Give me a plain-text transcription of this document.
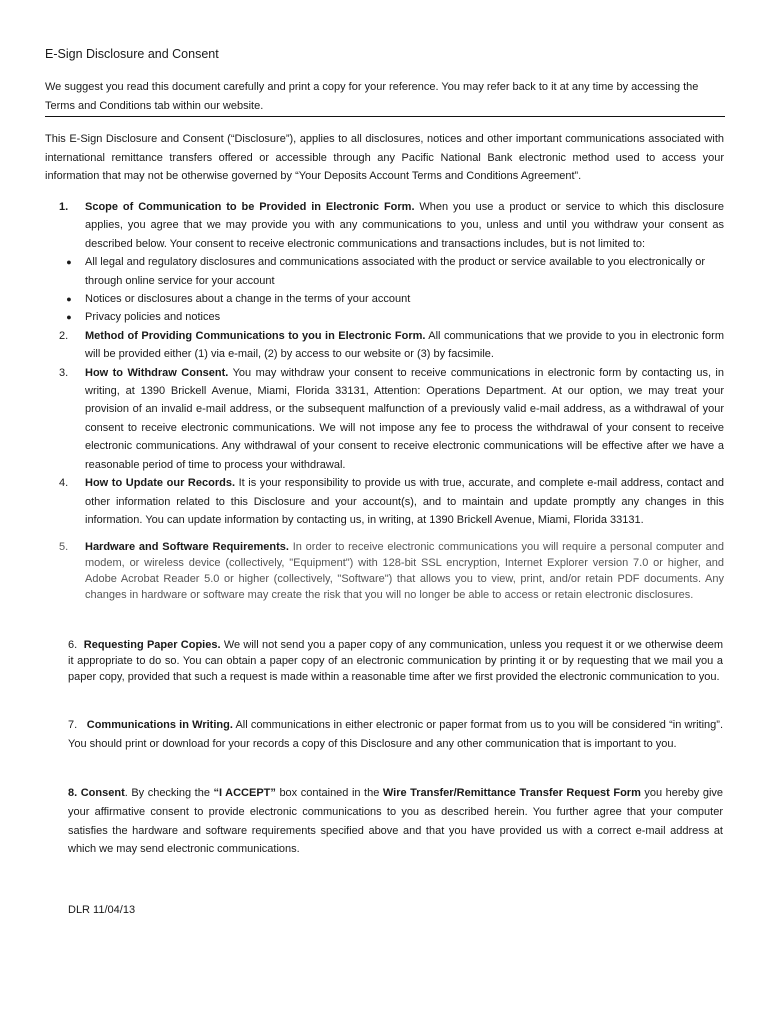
E-Sign Disclosure and Consent
We suggest you read this document carefully and print a copy for your reference. You may refer back to it at any time by accessing the Terms and Conditions tab within our website.
This E-Sign Disclosure and Consent (“Disclosure”), applies to all disclosures, notices and other important communications associated with international remittance transfers offered or accessible through any Pacific National Bank electronic method used to access your information that may not be otherwise governed by “Your Deposits Account Terms and Conditions Agreement”.
1.	Scope of Communication to be Provided in Electronic Form. When you use a product or service to which this disclosure applies, you agree that we may provide you with any communications to you, unless and until you withdraw your consent as described below. Your consent to receive electronic communications and transactions includes, but is not limited to:
●
All legal and regulatory disclosures and communications associated with the product or service available to you electronically or through online service for your account
●
Notices or disclosures about a change in the terms of your account
●
Privacy policies and notices
2.	Method of Providing Communications to you in Electronic Form. All communications that we provide to you in electronic form will be provided either (1) via e-mail, (2) by access to our website or (3) by facsimile.
3.	How to Withdraw Consent. You may withdraw your consent to receive communications in electronic form by contacting us, in writing, at 1390 Brickell Avenue, Miami, Florida 33131, Attention: Operations Department. At our option, we may treat your provision of an invalid e-mail address, or the subsequent malfunction of a previously valid e-mail address, as a withdrawal of your consent to receive electronic communications. We will not impose any fee to process the withdrawal of your consent to receive electronic communications. Any withdrawal of your consent to receive electronic communications will be effective after we have a reasonable period of time to process your withdrawal.
4.	How to Update our Records. It is your responsibility to provide us with true, accurate, and complete e-mail address, contact and other information related to this Disclosure and your account(s), and to maintain and update promptly any changes in this information. You can update information by contacting us, in writing, at 1390 Brickell Avenue, Miami, Florida 33131.
5.	Hardware and Software Requirements. In order to receive electronic communications you will require a personal computer and modem, or wireless device (collectively, "Equipment") with 128-bit SSL encryption, Internet Explorer version 7.0 or higher, and Adobe Acrobat Reader 5.0 or higher (collectively, "Software") that allows you to view, print, and/or retain PDF documents. Any changes in hardware or software may create the risk that you will no longer be able to access or retain electronic disclosures.
6. Requesting Paper Copies. We will not send you a paper copy of any communication, unless you request it or we otherwise deem it appropriate to do so. You can obtain a paper copy of an electronic communication by printing it or by requesting that we mail you a paper copy, provided that such a request is made within a reasonable time after we first provided the electronic communication to you.
7. Communications in Writing. All communications in either electronic or paper format from us to you will be considered “in writing”. You should print or download for your records a copy of this Disclosure and any other communication that is important to you.
8. Consent. By checking the “I ACCEPT” box contained in the Wire Transfer/Remittance Transfer Request Form you hereby give your affirmative consent to provide electronic communications to you as described herein. You further agree that your computer satisfies the hardware and software requirements specified above and that you have provided us with a correct e-mail address at which we may send electronic communications.
DLR 11/04/13
